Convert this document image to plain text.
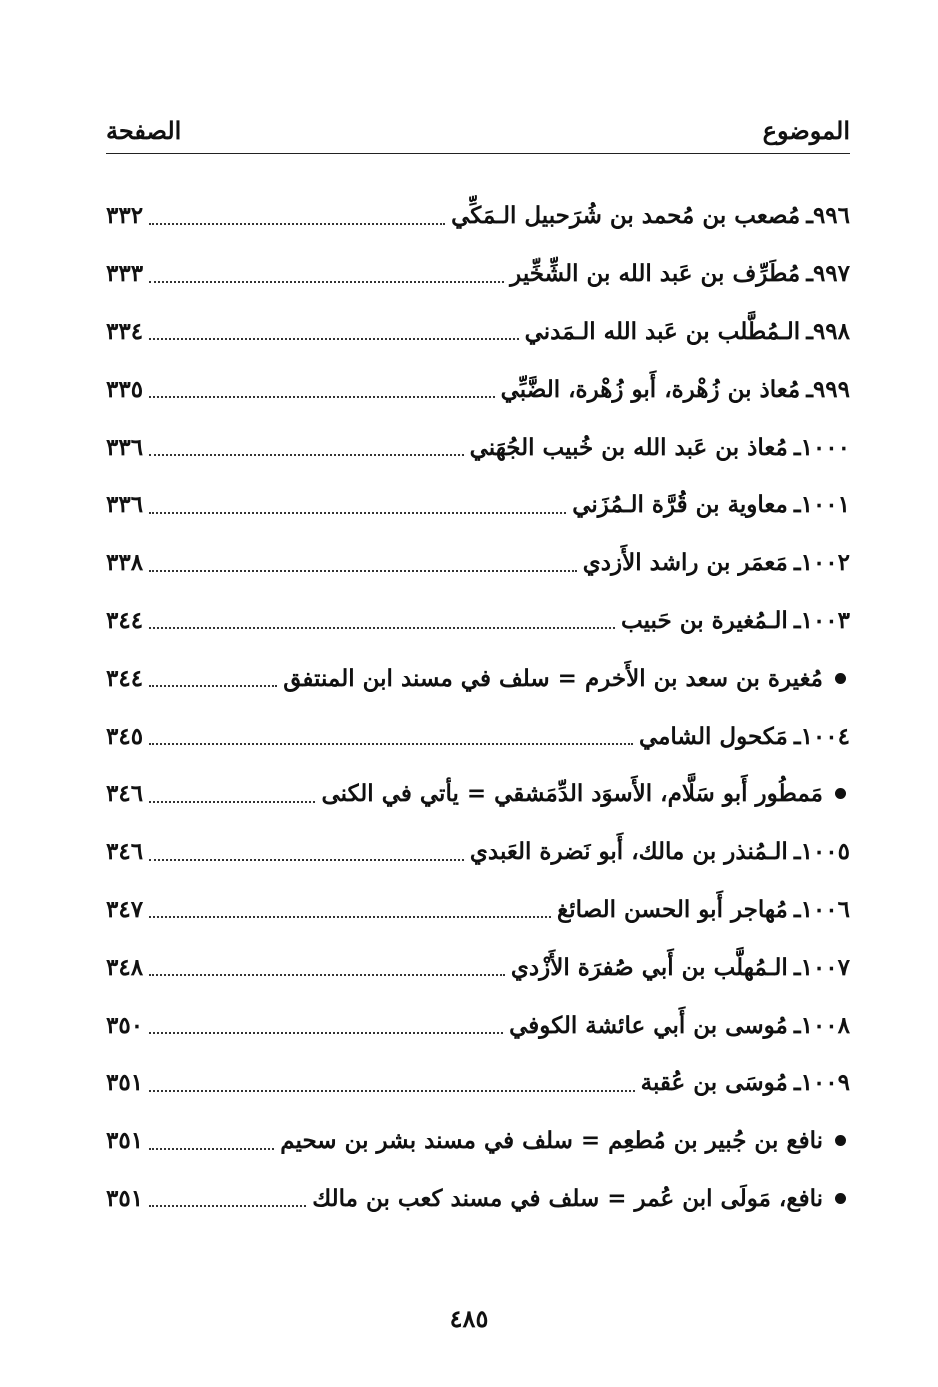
الموضوع
الصفحة
٩٩٦ـ
مُصعب بن مُحمد بن شُرَحبيل الـمَكِّي
٣٣٢
٩٩٧ـ
مُطَرِّف بن عَبد الله بن الشِّخِّير
٣٣٣
٩٩٨ـ
الـمُطَّلب بن عَبد الله الـمَدني
٣٣٤
٩٩٩ـ
مُعاذ بن زُهْرة، أَبو زُهْرة، الضَّبِّي
٣٣٥
١٠٠٠ـ
مُعاذ بن عَبد الله بن خُبيب الجُهَني
٣٣٦
١٠٠١ـ
معاوية بن قُرَّة الـمُزَني
٣٣٦
١٠٠٢ـ
مَعمَر بن راشد الأَزدي
٣٣٨
١٠٠٣ـ
الـمُغيرة بن حَبيب
٣٤٤
مُغيرة بن سعد بن الأَخرم = سلف في مسند ابن المنتفق
٣٤٤
١٠٠٤ـ
مَكحول الشامي
٣٤٥
مَمطُور أَبو سَلَّام، الأَسوَد الدِّمَشقي = يأتي في الكنى
٣٤٦
١٠٠٥ـ
الـمُنذر بن مالك، أَبو نَضرة العَبدي
٣٤٦
١٠٠٦ـ
مُهاجر أَبو الحسن الصائغ
٣٤٧
١٠٠٧ـ
الـمُهلَّب بن أَبي صُفرَة الأَزْدي
٣٤٨
١٠٠٨ـ
مُوسى بن أَبي عائشة الكوفي
٣٥٠
١٠٠٩ـ
مُوسَى بن عُقبة
٣٥١
نافع بن جُبير بن مُطعِم = سلف في مسند بشر بن سحيم
٣٥١
نافع، مَولَى ابن عُمر = سلف في مسند كعب بن مالك
٣٥١
٤٨٥
